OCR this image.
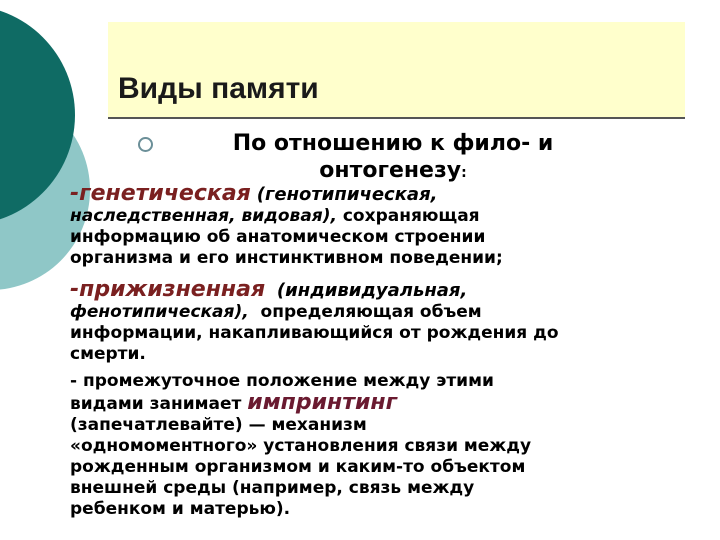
Виды памяти
По отношению к фило- и
онтогенезу:

-генетическая (генотипическая,

наследственная, видовая), сохраняющая

информацию об анатомическом строении

организма и его инстинктивном поведении;

-прижизненная (индивидуальная,

фенотипическая),  определяющая объем

информации, накапливающийся от рождения до

смерти.

- промежуточное положение между этими

видами занимает импринтинг

(запечатлевайте) — механизм

«одномоментного» установления связи между

рожденным организмом и каким-то объектом

внешней среды (например, связь между

ребенком и матерью).
